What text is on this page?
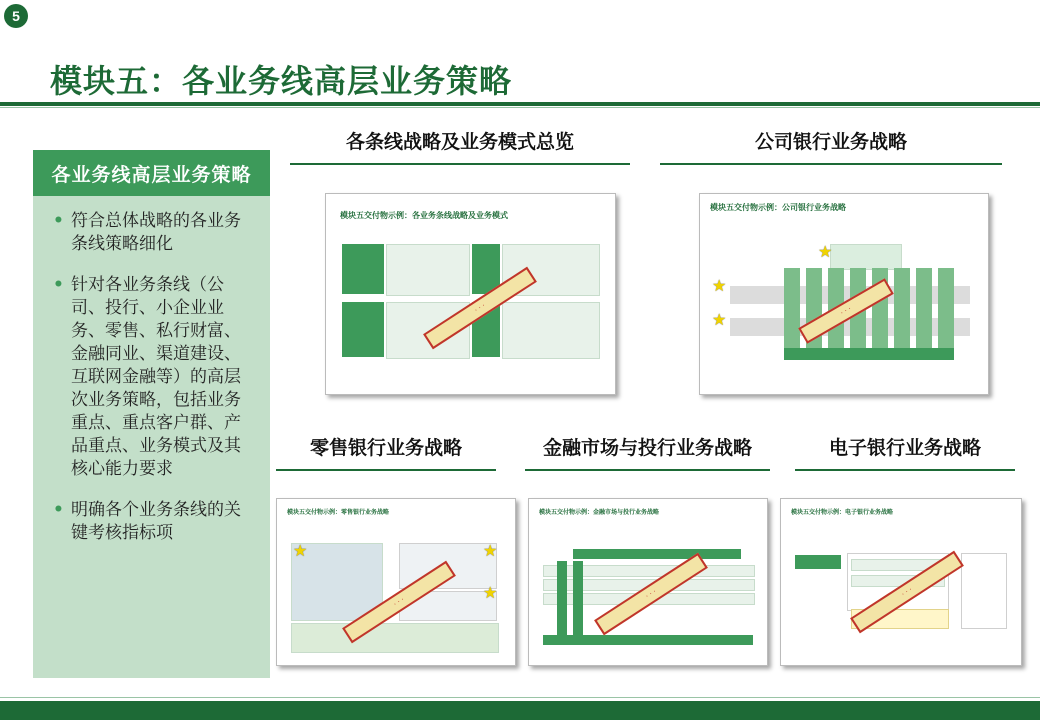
5
模块五：各业务线高层业务策略
各业务线高层业务策略
• 符合总体战略的各业务条线策略细化
• 针对各业务条线（公司、投行、小企业业务、零售、私行财富、金融同业、渠道建设、互联网金融等）的高层次业务策略，包括业务重点、重点客户群、产品重点、业务模式及其核心能力要求
• 明确各个业务条线的关键考核指标项
各条线战略及业务模式总览
模块五交付物示例：各业务条线战略及业务模式
· · ·
公司银行业务战略
模块五交付物示例：公司银行业务战略
★
★
★	· · ·
零售银行业务战略
模块五交付物示例：零售银行业务战略
★	★
★
· · ·
金融市场与投行业务战略
模块五交付物示例：金融市场与投行业务战略
· · ·
电子银行业务战略
模块五交付物示例：电子银行业务战略
· · ·
